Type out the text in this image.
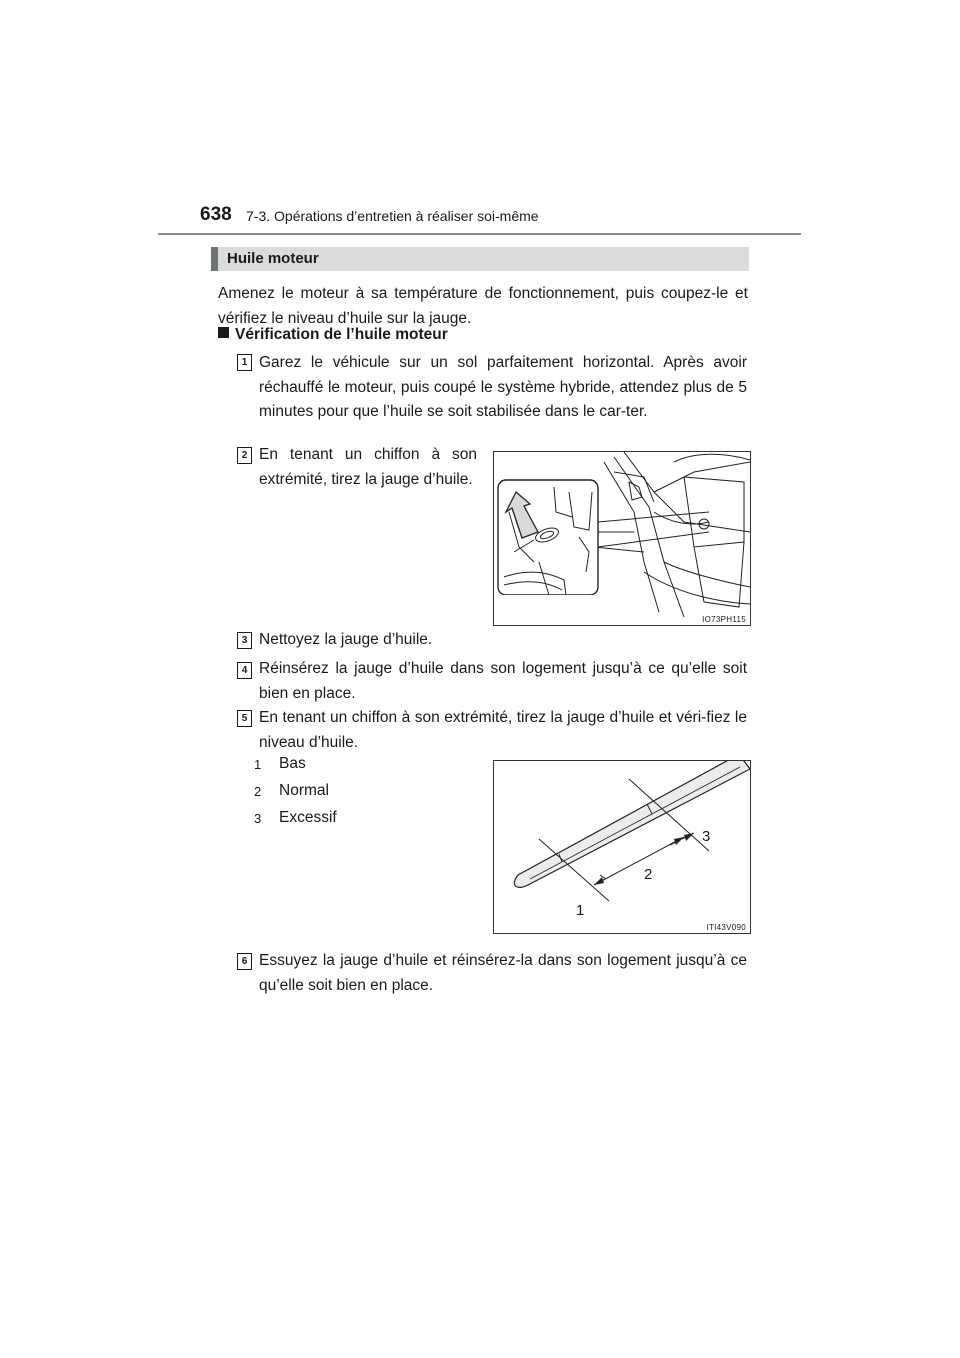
638 7-3. Opérations d’entretien à réaliser soi-même
Huile moteur
Amenez le moteur à sa température de fonctionnement, puis coupez-le et vérifiez le niveau d’huile sur la jauge.
Vérification de l’huile moteur
1 Garez le véhicule sur un sol parfaitement horizontal. Après avoir réchauffé le moteur, puis coupé le système hybride, attendez plus de 5 minutes pour que l’huile se soit stabilisée dans le car-ter.
2 En tenant un chiffon à son extrémité, tirez la jauge d’huile.
IO73PH115
3 Nettoyez la jauge d’huile.
4 Réinsérez la jauge d’huile dans son logement jusqu’à ce qu’elle soit bien en place.
5 En tenant un chiffon à son extrémité, tirez la jauge d’huile et véri-fiez le niveau d’huile.
1 Bas
2 Normal
3 Excessif
1
2
3
ITI43V090
6 Essuyez la jauge d’huile et réinsérez-la dans son logement jusqu’à ce qu’elle soit bien en place.
